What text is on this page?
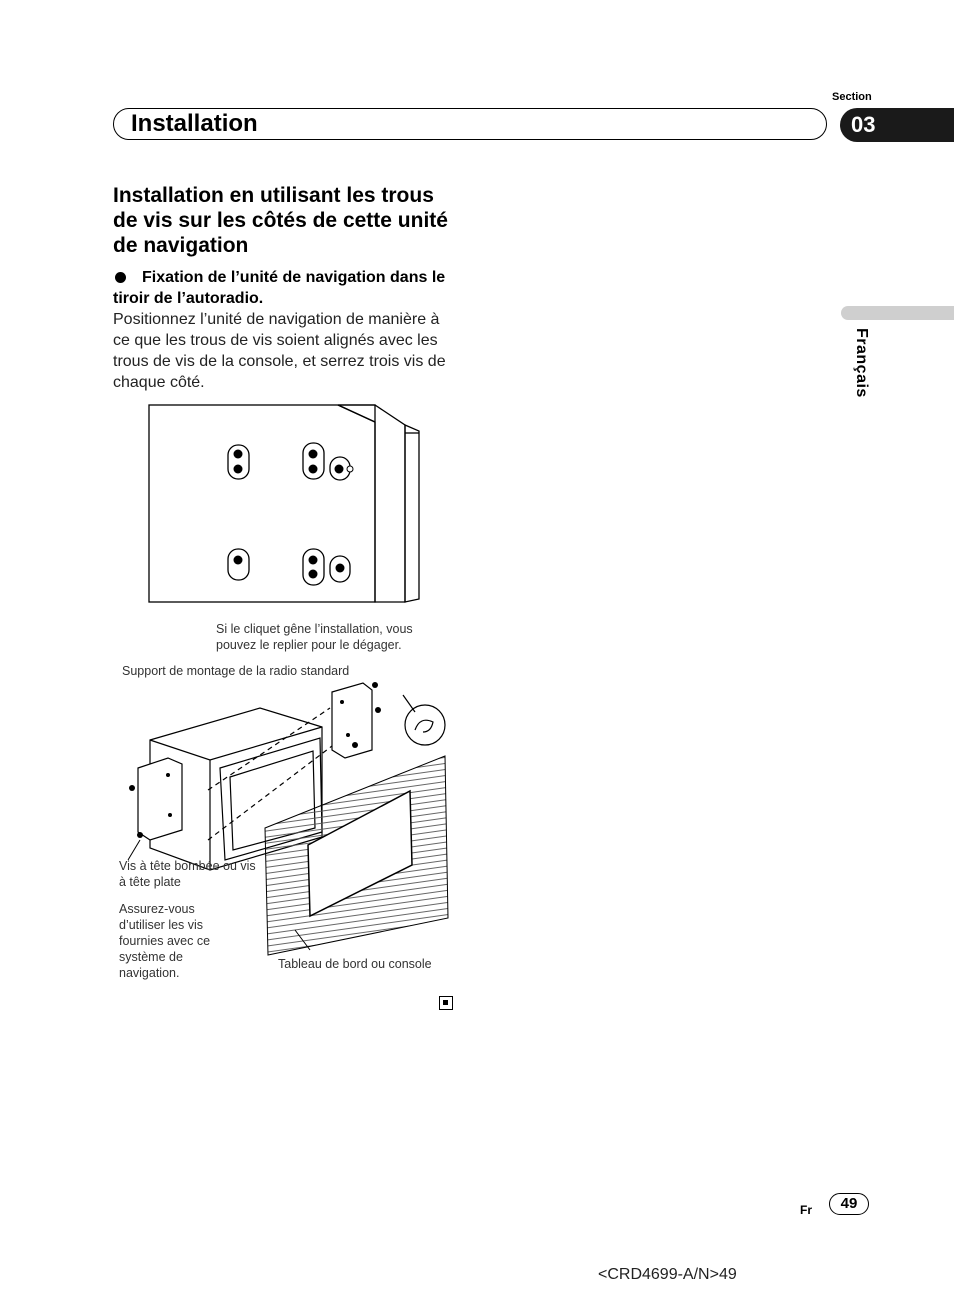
Section
Installation	03
Français
Installation en utilisant les trous de vis sur les côtés de cette unité de navigation
Fixation de l’unité de navigation dans le tiroir de l’autoradio.
Positionnez l’unité de navigation de manière à ce que les trous de vis soient alignés avec les trous de vis de la console, et serrez trois vis de chaque côté.
Si le cliquet gêne l’installation, vous pouvez le replier pour le dégager.
Support de montage de la radio standard
Vis à tête bombée ou vis à tête plate
Assurez-vous d’utiliser les vis fournies avec ce système de navigation.
Tableau de bord ou console
Fr	49
<CRD4699-A/N>49
